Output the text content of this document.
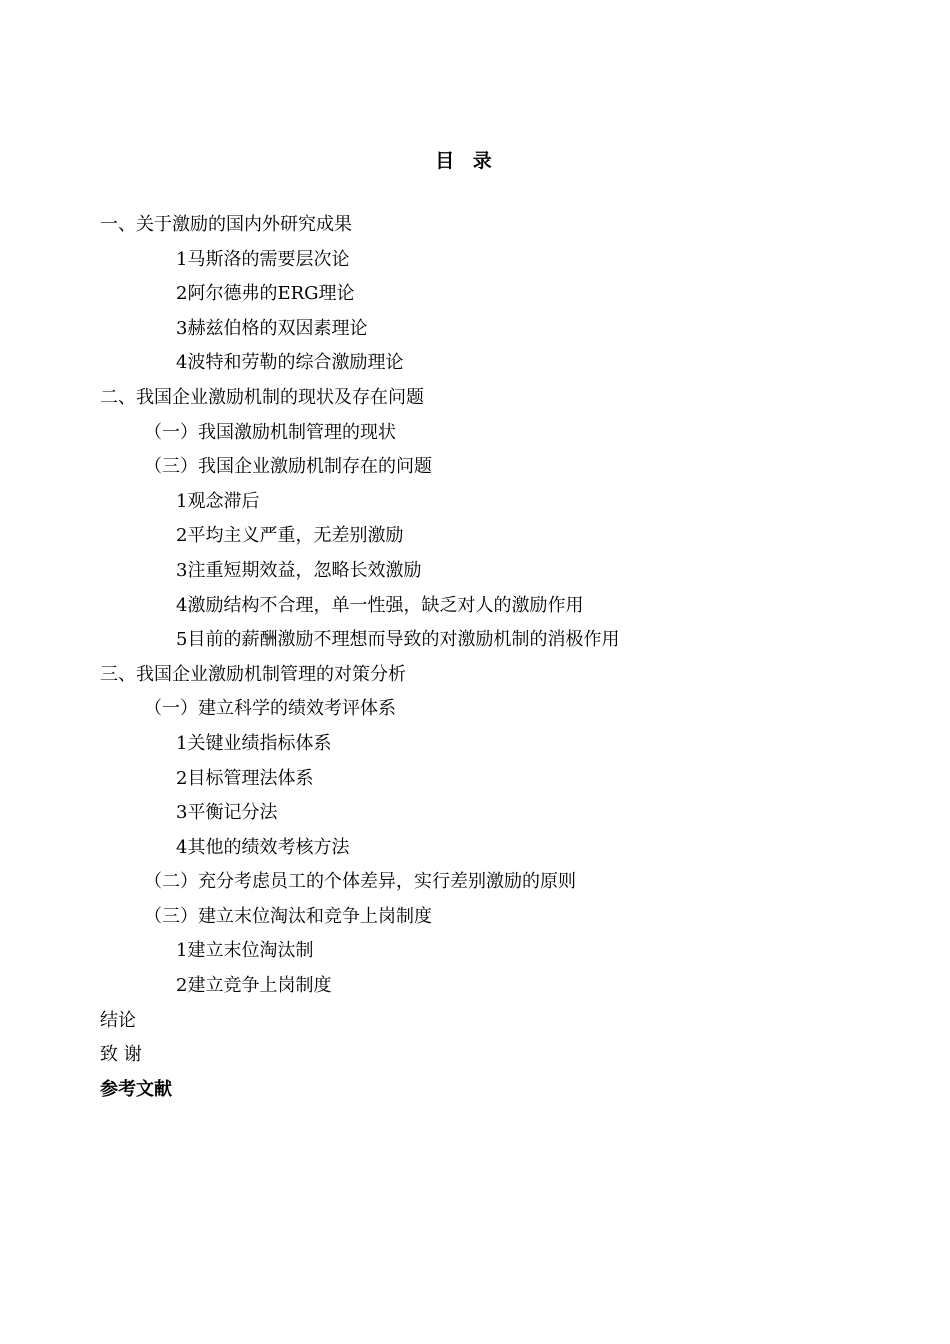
目 录
一、关于激励的国内外研究成果
1马斯洛的需要层次论
2阿尔德弗的ERG理论
3赫兹伯格的双因素理论
4波特和劳勒的综合激励理论
二、我国企业激励机制的现状及存在问题
（一）我国激励机制管理的现状
（三）我国企业激励机制存在的问题
1观念滞后
2平均主义严重，无差别激励
3注重短期效益，忽略长效激励
4激励结构不合理，单一性强，缺乏对人的激励作用
5目前的薪酬激励不理想而导致的对激励机制的消极作用
三、我国企业激励机制管理的对策分析
（一）建立科学的绩效考评体系
1关键业绩指标体系
2目标管理法体系
3平衡记分法
4其他的绩效考核方法
（二）充分考虑员工的个体差异，实行差别激励的原则
（三）建立末位淘汰和竞争上岗制度
1建立末位淘汰制
2建立竞争上岗制度
结论
致 谢
参考文献
